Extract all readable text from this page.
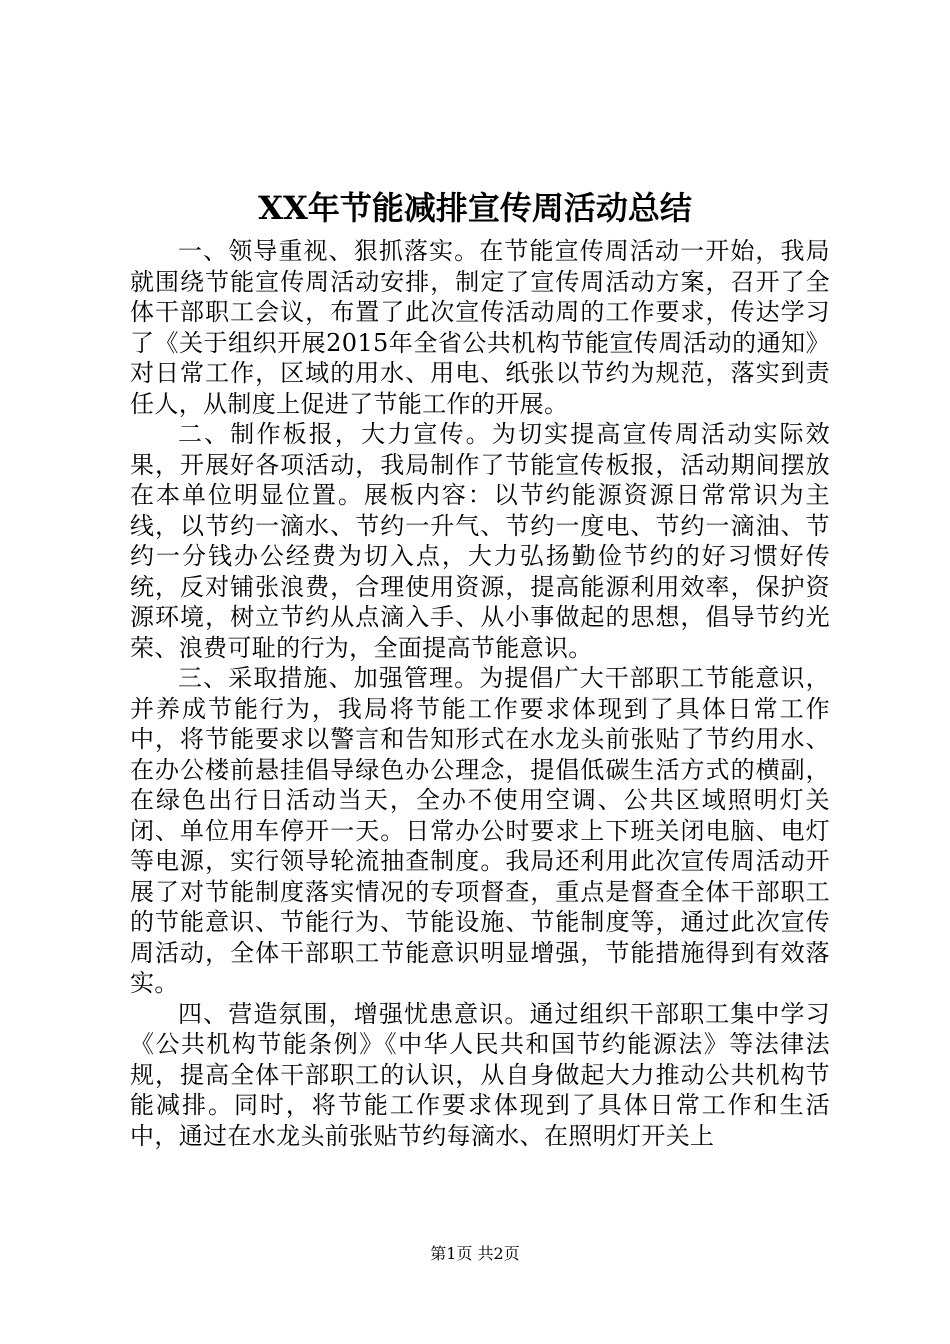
XX年节能减排宣传周活动总结

一、领导重视、狠抓落实。在节能宣传周活动一开始，我局就围绕节能宣传周活动安排，制定了宣传周活动方案，召开了全体干部职工会议，布置了此次宣传活动周的工作要求，传达学习了《关于组织开展2015年全省公共机构节能宣传周活动的通知》对日常工作，区域的用水、用电、纸张以节约为规范，落实到责任人，从制度上促进了节能工作的开展。

二、制作板报，大力宣传。为切实提高宣传周活动实际效果，开展好各项活动，我局制作了节能宣传板报，活动期间摆放在本单位明显位置。展板内容：以节约能源资源日常常识为主线，以节约一滴水、节约一升气、节约一度电、节约一滴油、节约一分钱办公经费为切入点，大力弘扬勤俭节约的好习惯好传统，反对铺张浪费，合理使用资源，提高能源利用效率，保护资源环境，树立节约从点滴入手、从小事做起的思想，倡导节约光荣、浪费可耻的行为，全面提高节能意识。

三、采取措施、加强管理。为提倡广大干部职工节能意识，并养成节能行为，我局将节能工作要求体现到了具体日常工作中，将节能要求以警言和告知形式在水龙头前张贴了节约用水、在办公楼前悬挂倡导绿色办公理念，提倡低碳生活方式的横副，在绿色出行日活动当天，全办不使用空调、公共区域照明灯关闭、单位用车停开一天。日常办公时要求上下班关闭电脑、电灯等电源，实行领导轮流抽查制度。我局还利用此次宣传周活动开展了对节能制度落实情况的专项督查，重点是督查全体干部职工的节能意识、节能行为、节能设施、节能制度等，通过此次宣传周活动，全体干部职工节能意识明显增强，节能措施得到有效落实。

四、营造氛围，增强忧患意识。通过组织干部职工集中学习《公共机构节能条例》《中华人民共和国节约能源法》等法律法规，提高全体干部职工的认识，从自身做起大力推动公共机构节能减排。同时，将节能工作要求体现到了具体日常工作和生活中，通过在水龙头前张贴节约每滴水、在照明灯开关上

第1页 共2页
